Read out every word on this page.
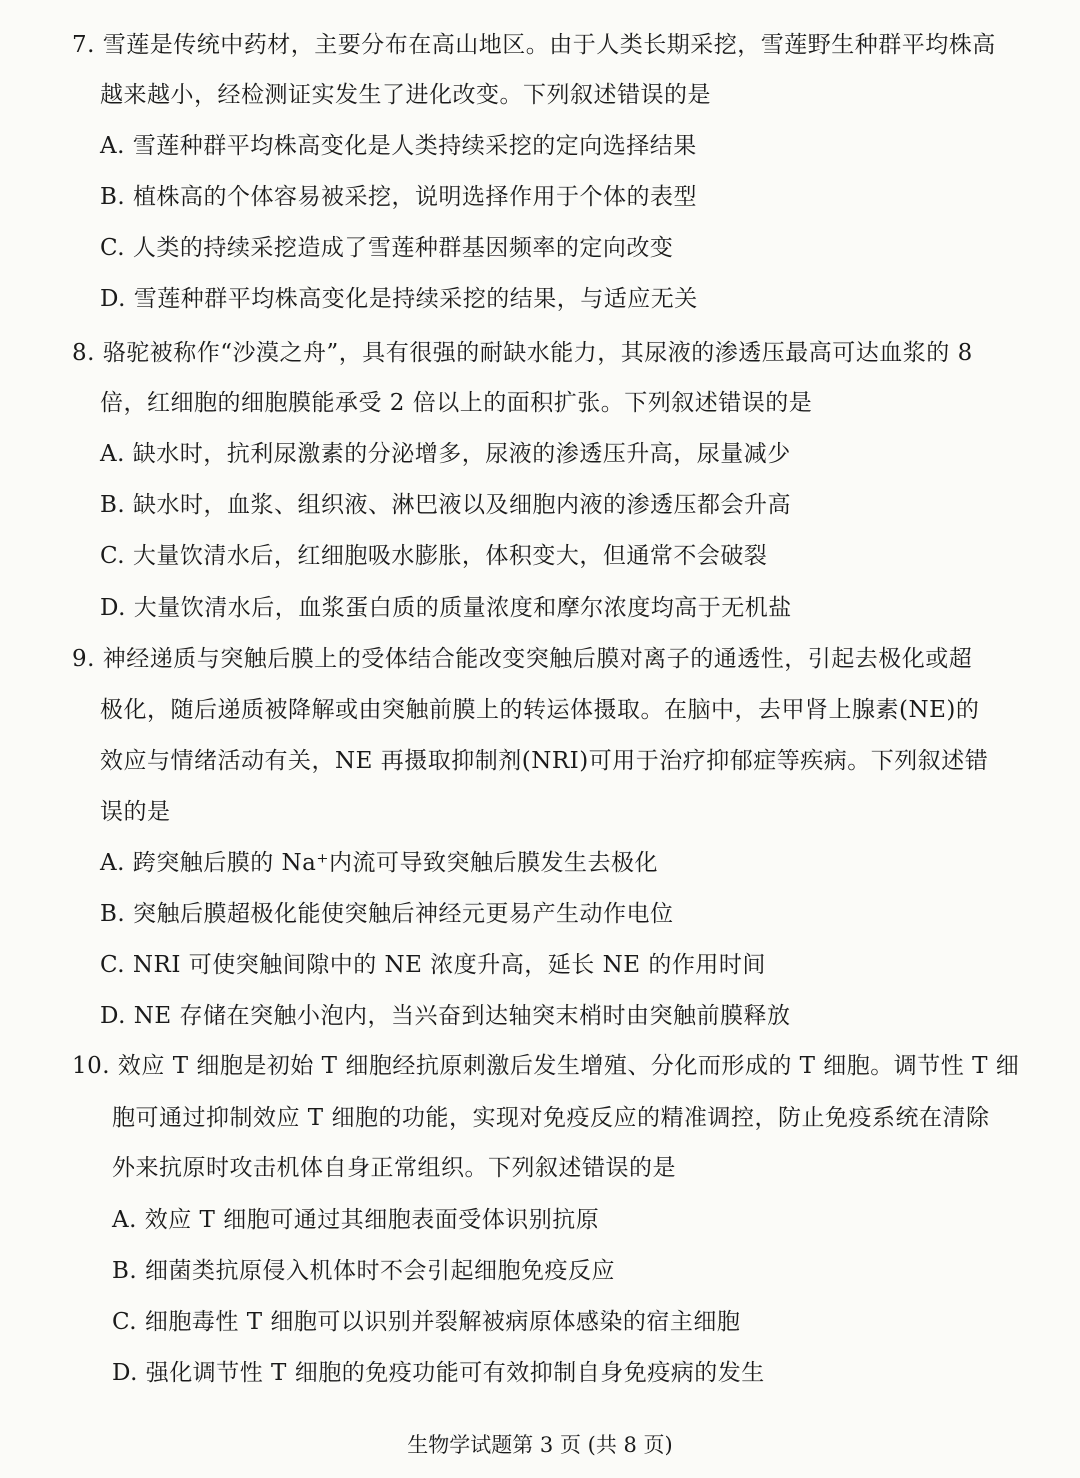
7. 雪莲是传统中药材，主要分布在高山地区。由于人类长期采挖，雪莲野生种群平均株高
越来越小，经检测证实发生了进化改变。下列叙述错误的是
A. 雪莲种群平均株高变化是人类持续采挖的定向选择结果
B. 植株高的个体容易被采挖，说明选择作用于个体的表型
C. 人类的持续采挖造成了雪莲种群基因频率的定向改变
D. 雪莲种群平均株高变化是持续采挖的结果，与适应无关
8. 骆驼被称作“沙漠之舟”，具有很强的耐缺水能力，其尿液的渗透压最高可达血浆的 8
倍，红细胞的细胞膜能承受 2 倍以上的面积扩张。下列叙述错误的是
A. 缺水时，抗利尿激素的分泌增多，尿液的渗透压升高，尿量减少
B. 缺水时，血浆、组织液、淋巴液以及细胞内液的渗透压都会升高
C. 大量饮清水后，红细胞吸水膨胀，体积变大，但通常不会破裂
D. 大量饮清水后，血浆蛋白质的质量浓度和摩尔浓度均高于无机盐
9. 神经递质与突触后膜上的受体结合能改变突触后膜对离子的通透性，引起去极化或超
极化，随后递质被降解或由突触前膜上的转运体摄取。在脑中，去甲肾上腺素(NE)的
效应与情绪活动有关，NE 再摄取抑制剂(NRI)可用于治疗抑郁症等疾病。下列叙述错
误的是
A. 跨突触后膜的 Na⁺内流可导致突触后膜发生去极化
B. 突触后膜超极化能使突触后神经元更易产生动作电位
C. NRI 可使突触间隙中的 NE 浓度升高，延长 NE 的作用时间
D. NE 存储在突触小泡内，当兴奋到达轴突末梢时由突触前膜释放
10. 效应 T 细胞是初始 T 细胞经抗原刺激后发生增殖、分化而形成的 T 细胞。调节性 T 细
胞可通过抑制效应 T 细胞的功能，实现对免疫反应的精准调控，防止免疫系统在清除
外来抗原时攻击机体自身正常组织。下列叙述错误的是
A. 效应 T 细胞可通过其细胞表面受体识别抗原
B. 细菌类抗原侵入机体时不会引起细胞免疫反应
C. 细胞毒性 T 细胞可以识别并裂解被病原体感染的宿主细胞
D. 强化调节性 T 细胞的免疫功能可有效抑制自身免疫病的发生
生物学试题第 3 页 (共 8 页)
